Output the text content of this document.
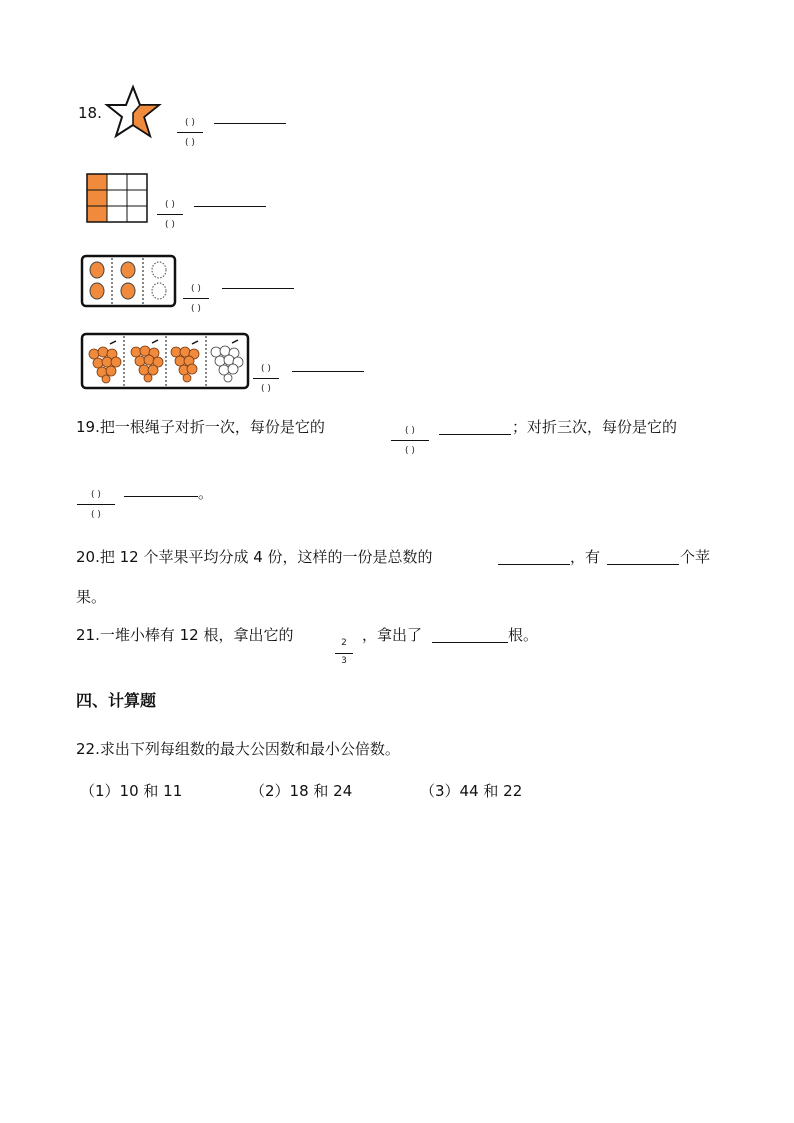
18.
( )
( )
( )
( )
( )
( )
( )
( )
19.把一根绳子对折一次，每份是它的	( )
( )
；对折三次，每份是它的
( )
( )
。
20.把 12 个苹果平均分成 4 份，这样的一份是总数的	，有	个苹
果。
21.一堆小棒有 12 根，拿出它的	2
3
，拿出了	根。
四、计算题
22.求出下列每组数的最大公因数和最小公倍数。
（1）10 和 11	（2）18 和 24	（3）44 和 22
